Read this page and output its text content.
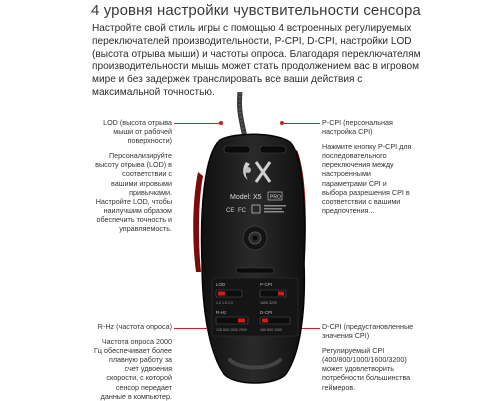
4 уровня настройки чувствительности сенсора

Настройте свой стиль игры с помощью 4 встроенных регулируемых переключателей производительности, P-CPI, D-CPI, настройки LOD (высота отрыва мыши) и частоты опроса. Благодаря переключателям производительности мышь может стать продолжением вас в игровом мире и без задержек транслировать все ваши действия с максимальной точностью.

LOD (высота отрыва мыши от рабочей поверхности)

Персонализируйте высоту отрыва (LOD) в соответствии с вашими игровыми привычками. Настройте LOD, чтобы наилучшим образом обеспечить точность и управляемость.

P-CPI (персональная настройка CPI)

Нажмите кнопку P-CPI для последовательного переключения между настроенными параметрами CPI и выбора разрешения CPI в соответствии с вашими предпочтения...

R-Hz (частота опроса)

Частота опроса 2000 Гц обеспечивает более плавную работу за счет удвоения скорости, с которой сенсор передает данные в компьютер.

D-CPI (предустановленные значения CPI)

Регулируемый CPI (400/800/1000/1600/3200) может удовлетворить потребности большинства геймеров.

Model: X5 PRO
CE FC
LOD
1.0 1.5 2.0
P-CPI
1600 3200
R-Hz
125 500 1000 2000
D-CPI
400 800 1000
